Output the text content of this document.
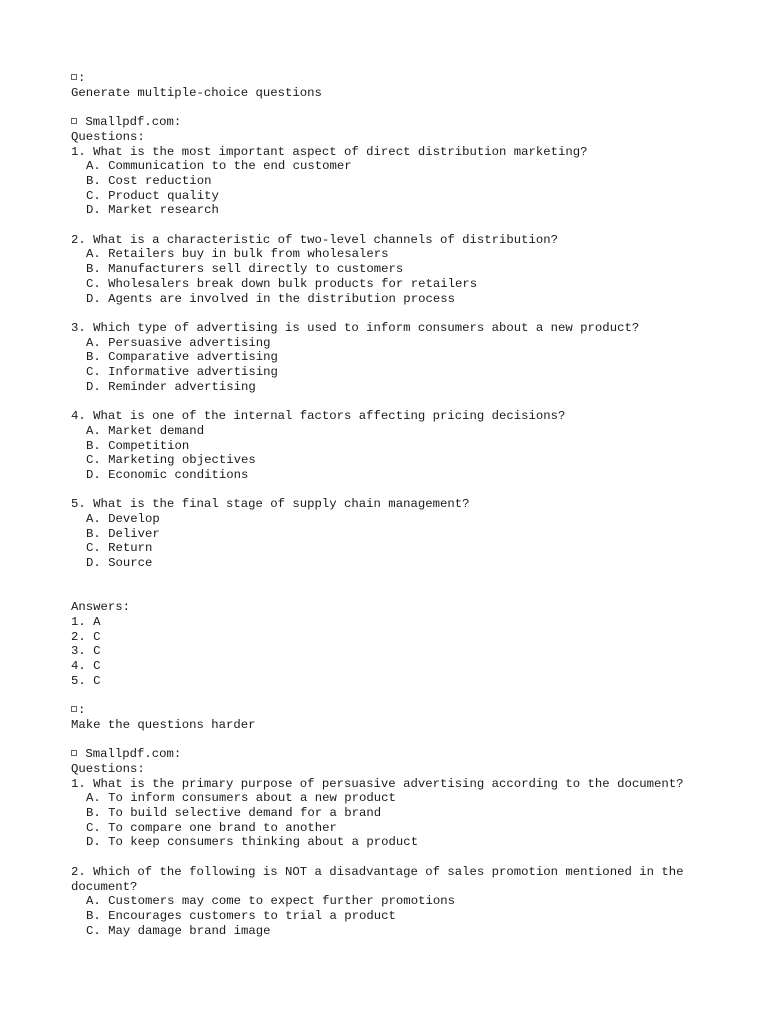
:
Generate multiple-choice questions
Smallpdf.com:
Questions:
1. What is the most important aspect of direct distribution marketing?
A. Communication to the end customer
B. Cost reduction
C. Product quality
D. Market research
2. What is a characteristic of two-level channels of distribution?
A. Retailers buy in bulk from wholesalers
B. Manufacturers sell directly to customers
C. Wholesalers break down bulk products for retailers
D. Agents are involved in the distribution process
3. Which type of advertising is used to inform consumers about a new product?
A. Persuasive advertising
B. Comparative advertising
C. Informative advertising
D. Reminder advertising
4. What is one of the internal factors affecting pricing decisions?
A. Market demand
B. Competition
C. Marketing objectives
D. Economic conditions
5. What is the final stage of supply chain management?
A. Develop
B. Deliver
C. Return
D. Source
Answers:
1. A
2. C
3. C
4. C
5. C
:
Make the questions harder
Smallpdf.com:
Questions:
1. What is the primary purpose of persuasive advertising according to the document?
A. To inform consumers about a new product
B. To build selective demand for a brand
C. To compare one brand to another
D. To keep consumers thinking about a product
2. Which of the following is NOT a disadvantage of sales promotion mentioned in the document?
A. Customers may come to expect further promotions
B. Encourages customers to trial a product
C. May damage brand image
